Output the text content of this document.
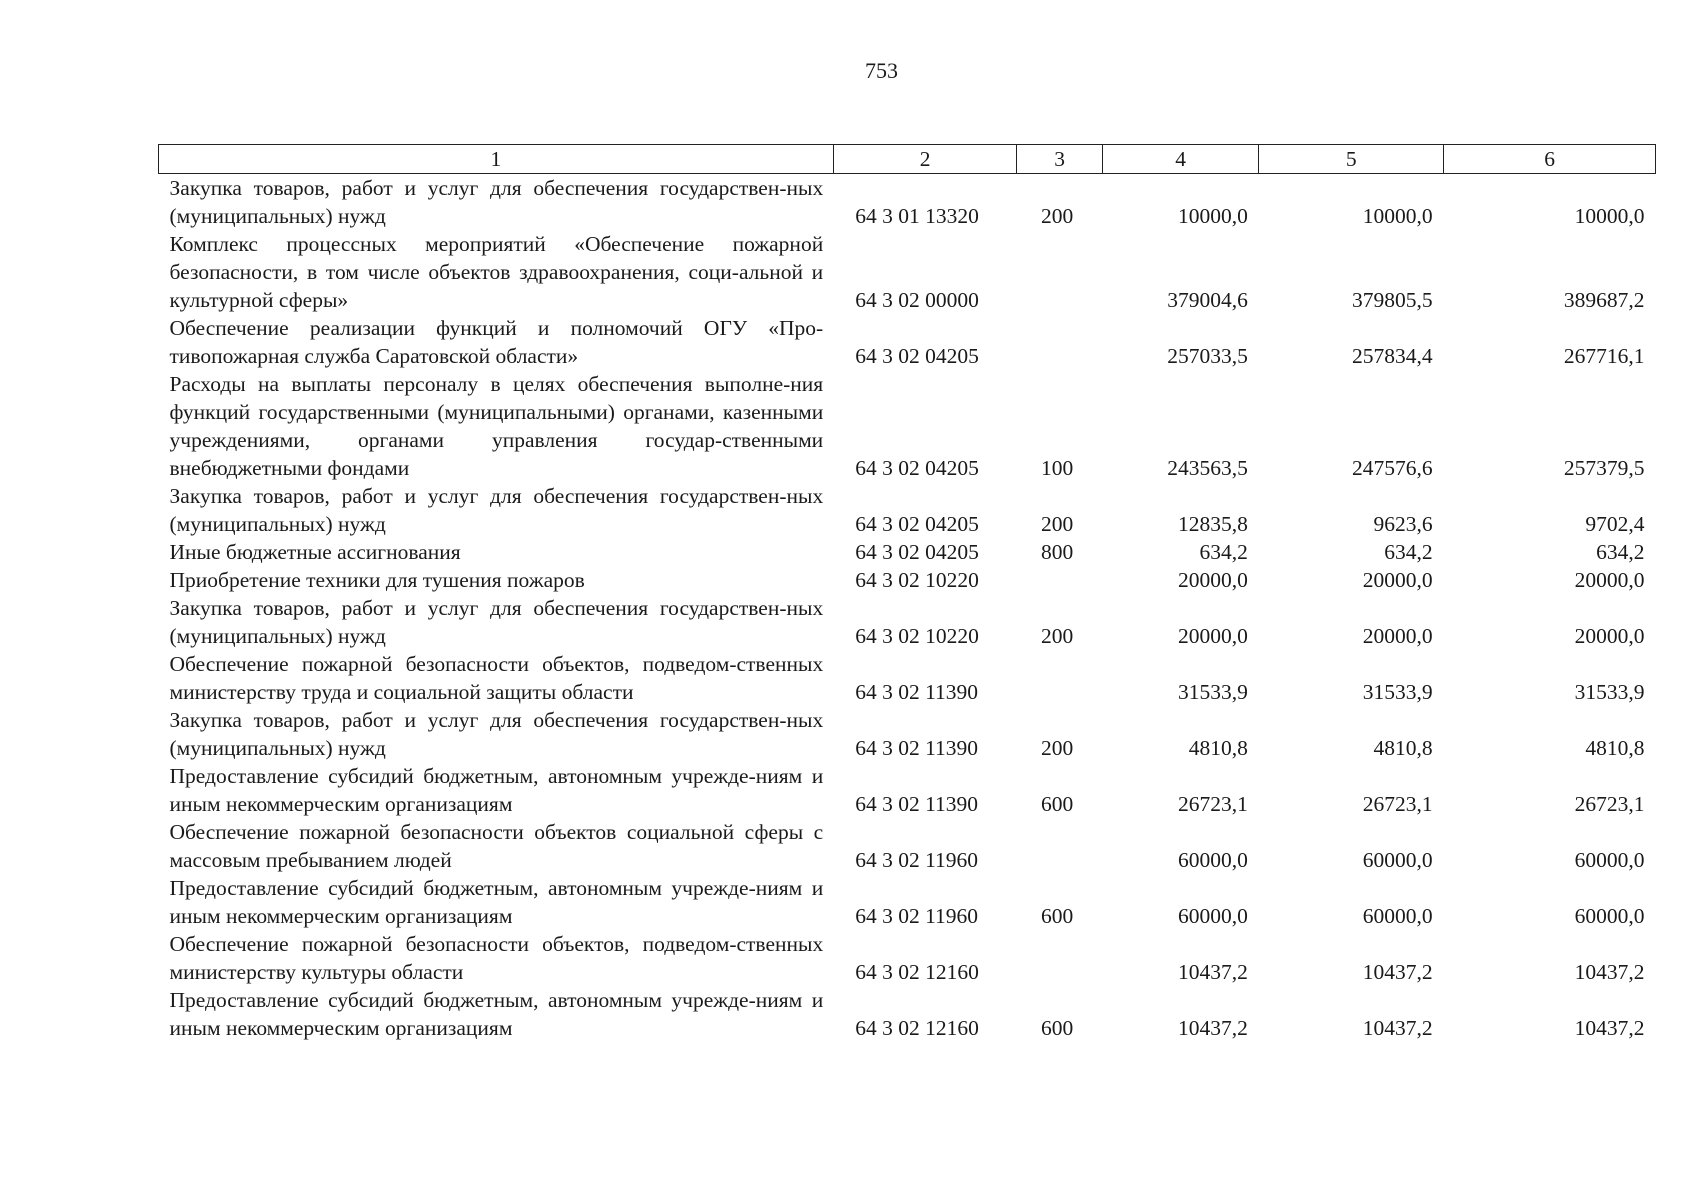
753
1	2	3	4	5	6
Закупка товаров, работ и услуг для обеспечения государствен-ных (муниципальных) нужд	64 3 01 13320	200	10000,0	10000,0	10000,0
Комплекс процессных мероприятий «Обеспечение пожарной безопасности, в том числе объектов здравоохранения, соци-альной и культурной сферы»	64 3 02 00000		379004,6	379805,5	389687,2
Обеспечение реализации функций и полномочий ОГУ «Про-тивопожарная служба Саратовской области»	64 3 02 04205		257033,5	257834,4	267716,1
Расходы на выплаты персоналу в целях обеспечения выполне-ния функций государственными (муниципальными) органами, казенными учреждениями, органами управления государ-ственными внебюджетными фондами	64 3 02 04205	100	243563,5	247576,6	257379,5
Закупка товаров, работ и услуг для обеспечения государствен-ных (муниципальных) нужд	64 3 02 04205	200	12835,8	9623,6	9702,4
Иные бюджетные ассигнования	64 3 02 04205	800	634,2	634,2	634,2
Приобретение техники для тушения пожаров	64 3 02 10220		20000,0	20000,0	20000,0
Закупка товаров, работ и услуг для обеспечения государствен-ных (муниципальных) нужд	64 3 02 10220	200	20000,0	20000,0	20000,0
Обеспечение пожарной безопасности объектов, подведом-ственных министерству труда и социальной защиты области	64 3 02 11390		31533,9	31533,9	31533,9
Закупка товаров, работ и услуг для обеспечения государствен-ных (муниципальных) нужд	64 3 02 11390	200	4810,8	4810,8	4810,8
Предоставление субсидий бюджетным, автономным учрежде-ниям и иным некоммерческим организациям	64 3 02 11390	600	26723,1	26723,1	26723,1
Обеспечение пожарной безопасности объектов социальной сферы с массовым пребыванием людей	64 3 02 11960		60000,0	60000,0	60000,0
Предоставление субсидий бюджетным, автономным учрежде-ниям и иным некоммерческим организациям	64 3 02 11960	600	60000,0	60000,0	60000,0
Обеспечение пожарной безопасности объектов, подведом-ственных министерству культуры области	64 3 02 12160		10437,2	10437,2	10437,2
Предоставление субсидий бюджетным, автономным учрежде-ниям и иным некоммерческим организациям	64 3 02 12160	600	10437,2	10437,2	10437,2
